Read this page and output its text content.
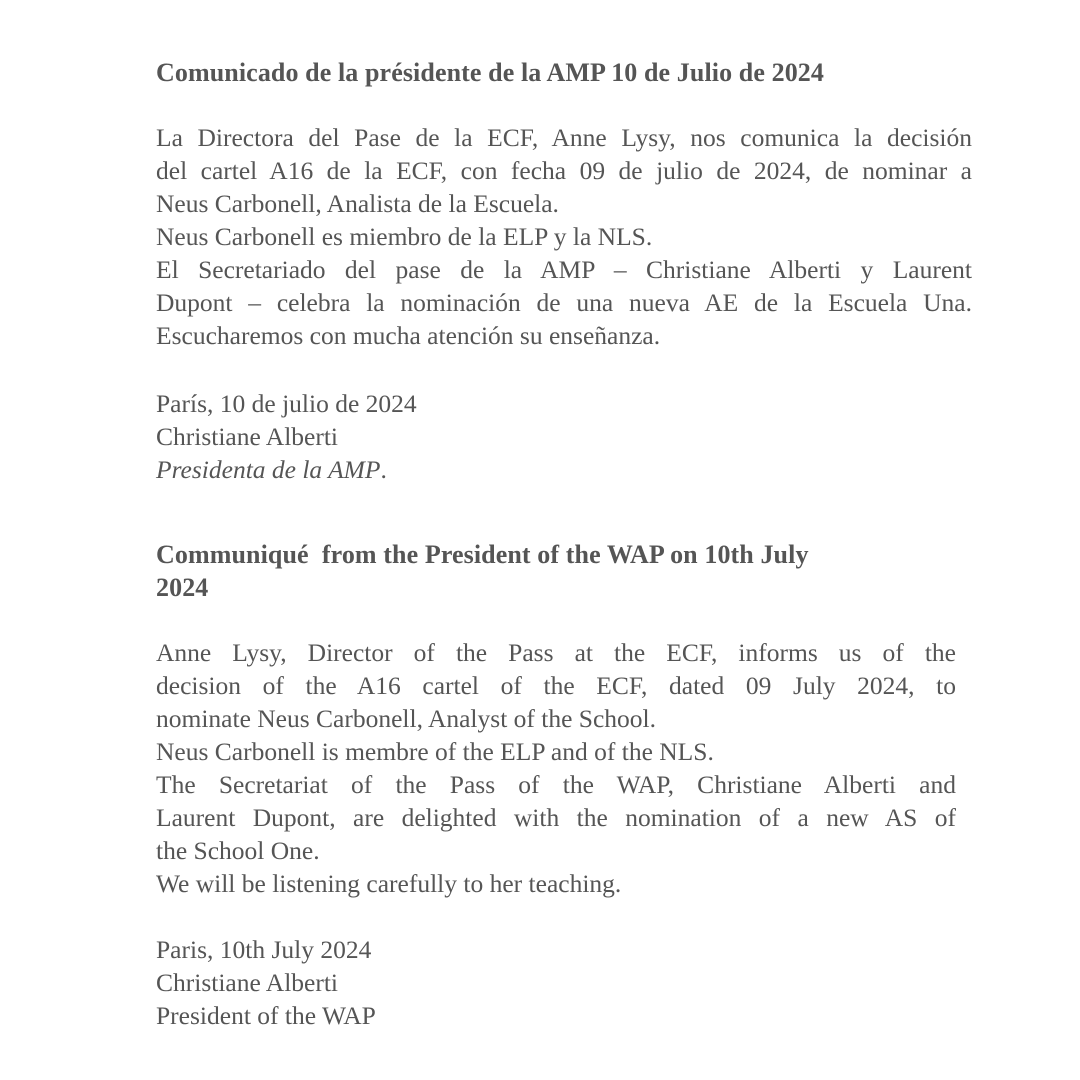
Comunicado de la présidente de la AMP 10 de Julio de 2024
La Directora del Pase de la ECF, Anne Lysy, nos comunica la decisión
del cartel A16 de la ECF, con fecha 09 de julio de 2024, de nominar a
Neus Carbonell, Analista de la Escuela.
Neus Carbonell es miembro de la ELP y la NLS.
El Secretariado del pase de la AMP – Christiane Alberti y Laurent
Dupont – celebra la nominación de una nueva AE de la Escuela Una.
Escucharemos con mucha atención su enseñanza.
París, 10 de julio de 2024
Christiane Alberti
Presidenta de la AMP.
Communiqué  from the President of the WAP on 10th July
2024
Anne Lysy, Director of the Pass at the ECF, informs us of the
decision of the A16 cartel of the ECF, dated 09 July 2024, to
nominate Neus Carbonell, Analyst of the School.
Neus Carbonell is membre of the ELP and of the NLS.
The Secretariat of the Pass of the WAP, Christiane Alberti and
Laurent Dupont, are delighted with the nomination of a new AS of
the School One.
We will be listening carefully to her teaching.
Paris, 10th July 2024
Christiane Alberti
President of the WAP
